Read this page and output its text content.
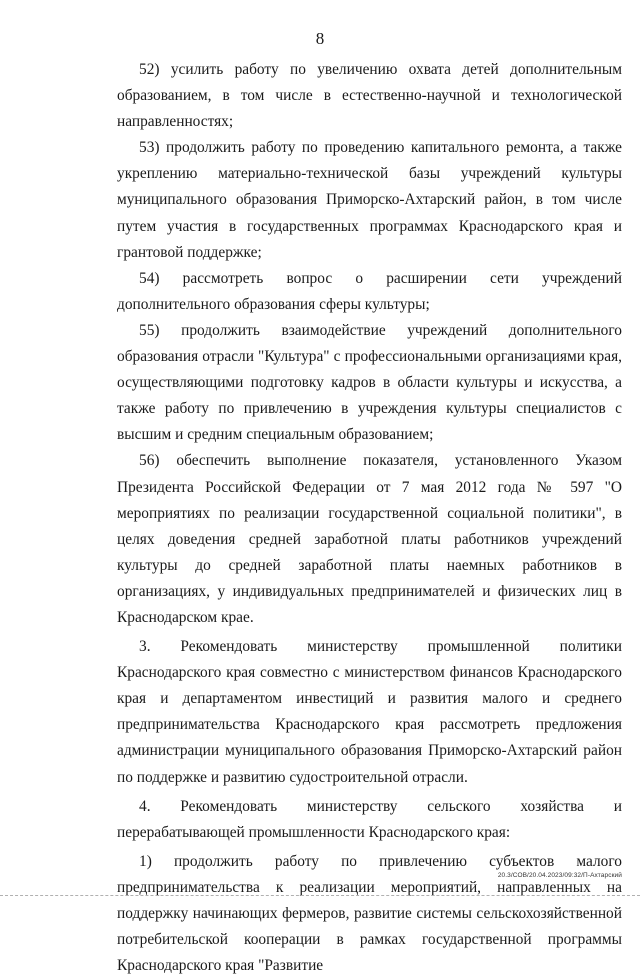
8

52) усилить работу по увеличению охвата детей дополнительным образованием, в том числе в естественно-научной и технологической направленностях;

53) продолжить работу по проведению капитального ремонта, а также укреплению материально-технической базы учреждений культуры муниципального образования Приморско-Ахтарский район, в том числе путем участия в государственных программах Краснодарского края и грантовой поддержке;

54) рассмотреть вопрос о расширении сети учреждений дополнительного образования сферы культуры;

55) продолжить взаимодействие учреждений дополнительного образования отрасли "Культура" с профессиональными организациями края, осуществляющими подготовку кадров в области культуры и искусства, а также работу по привлечению в учреждения культуры специалистов с высшим и средним специальным образованием;

56) обеспечить выполнение показателя, установленного Указом Президента Российской Федерации от 7 мая 2012 года № 597 "О мероприятиях по реализации государственной социальной политики", в целях доведения средней заработной платы работников учреждений культуры до средней заработной платы наемных работников в организациях, у индивидуальных предпринимателей и физических лиц в Краснодарском крае.

3. Рекомендовать министерству промышленной политики Краснодарского края совместно с министерством финансов Краснодарского края и департаментом инвестиций и развития малого и среднего предпринимательства Краснодарского края рассмотреть предложения администрации муниципального образования Приморско-Ахтарский район по поддержке и развитию судостроительной отрасли.

4. Рекомендовать министерству сельского хозяйства и перерабатывающей промышленности Краснодарского края:

1) продолжить работу по привлечению субъектов малого предпринимательства к реализации мероприятий, направленных на поддержку начинающих фермеров, развитие системы сельскохозяйственной потребительской кооперации в рамках государственной программы Краснодарского края "Развитие

20.3/СОВ/20.04.2023/09:32/П-Ахтарский
